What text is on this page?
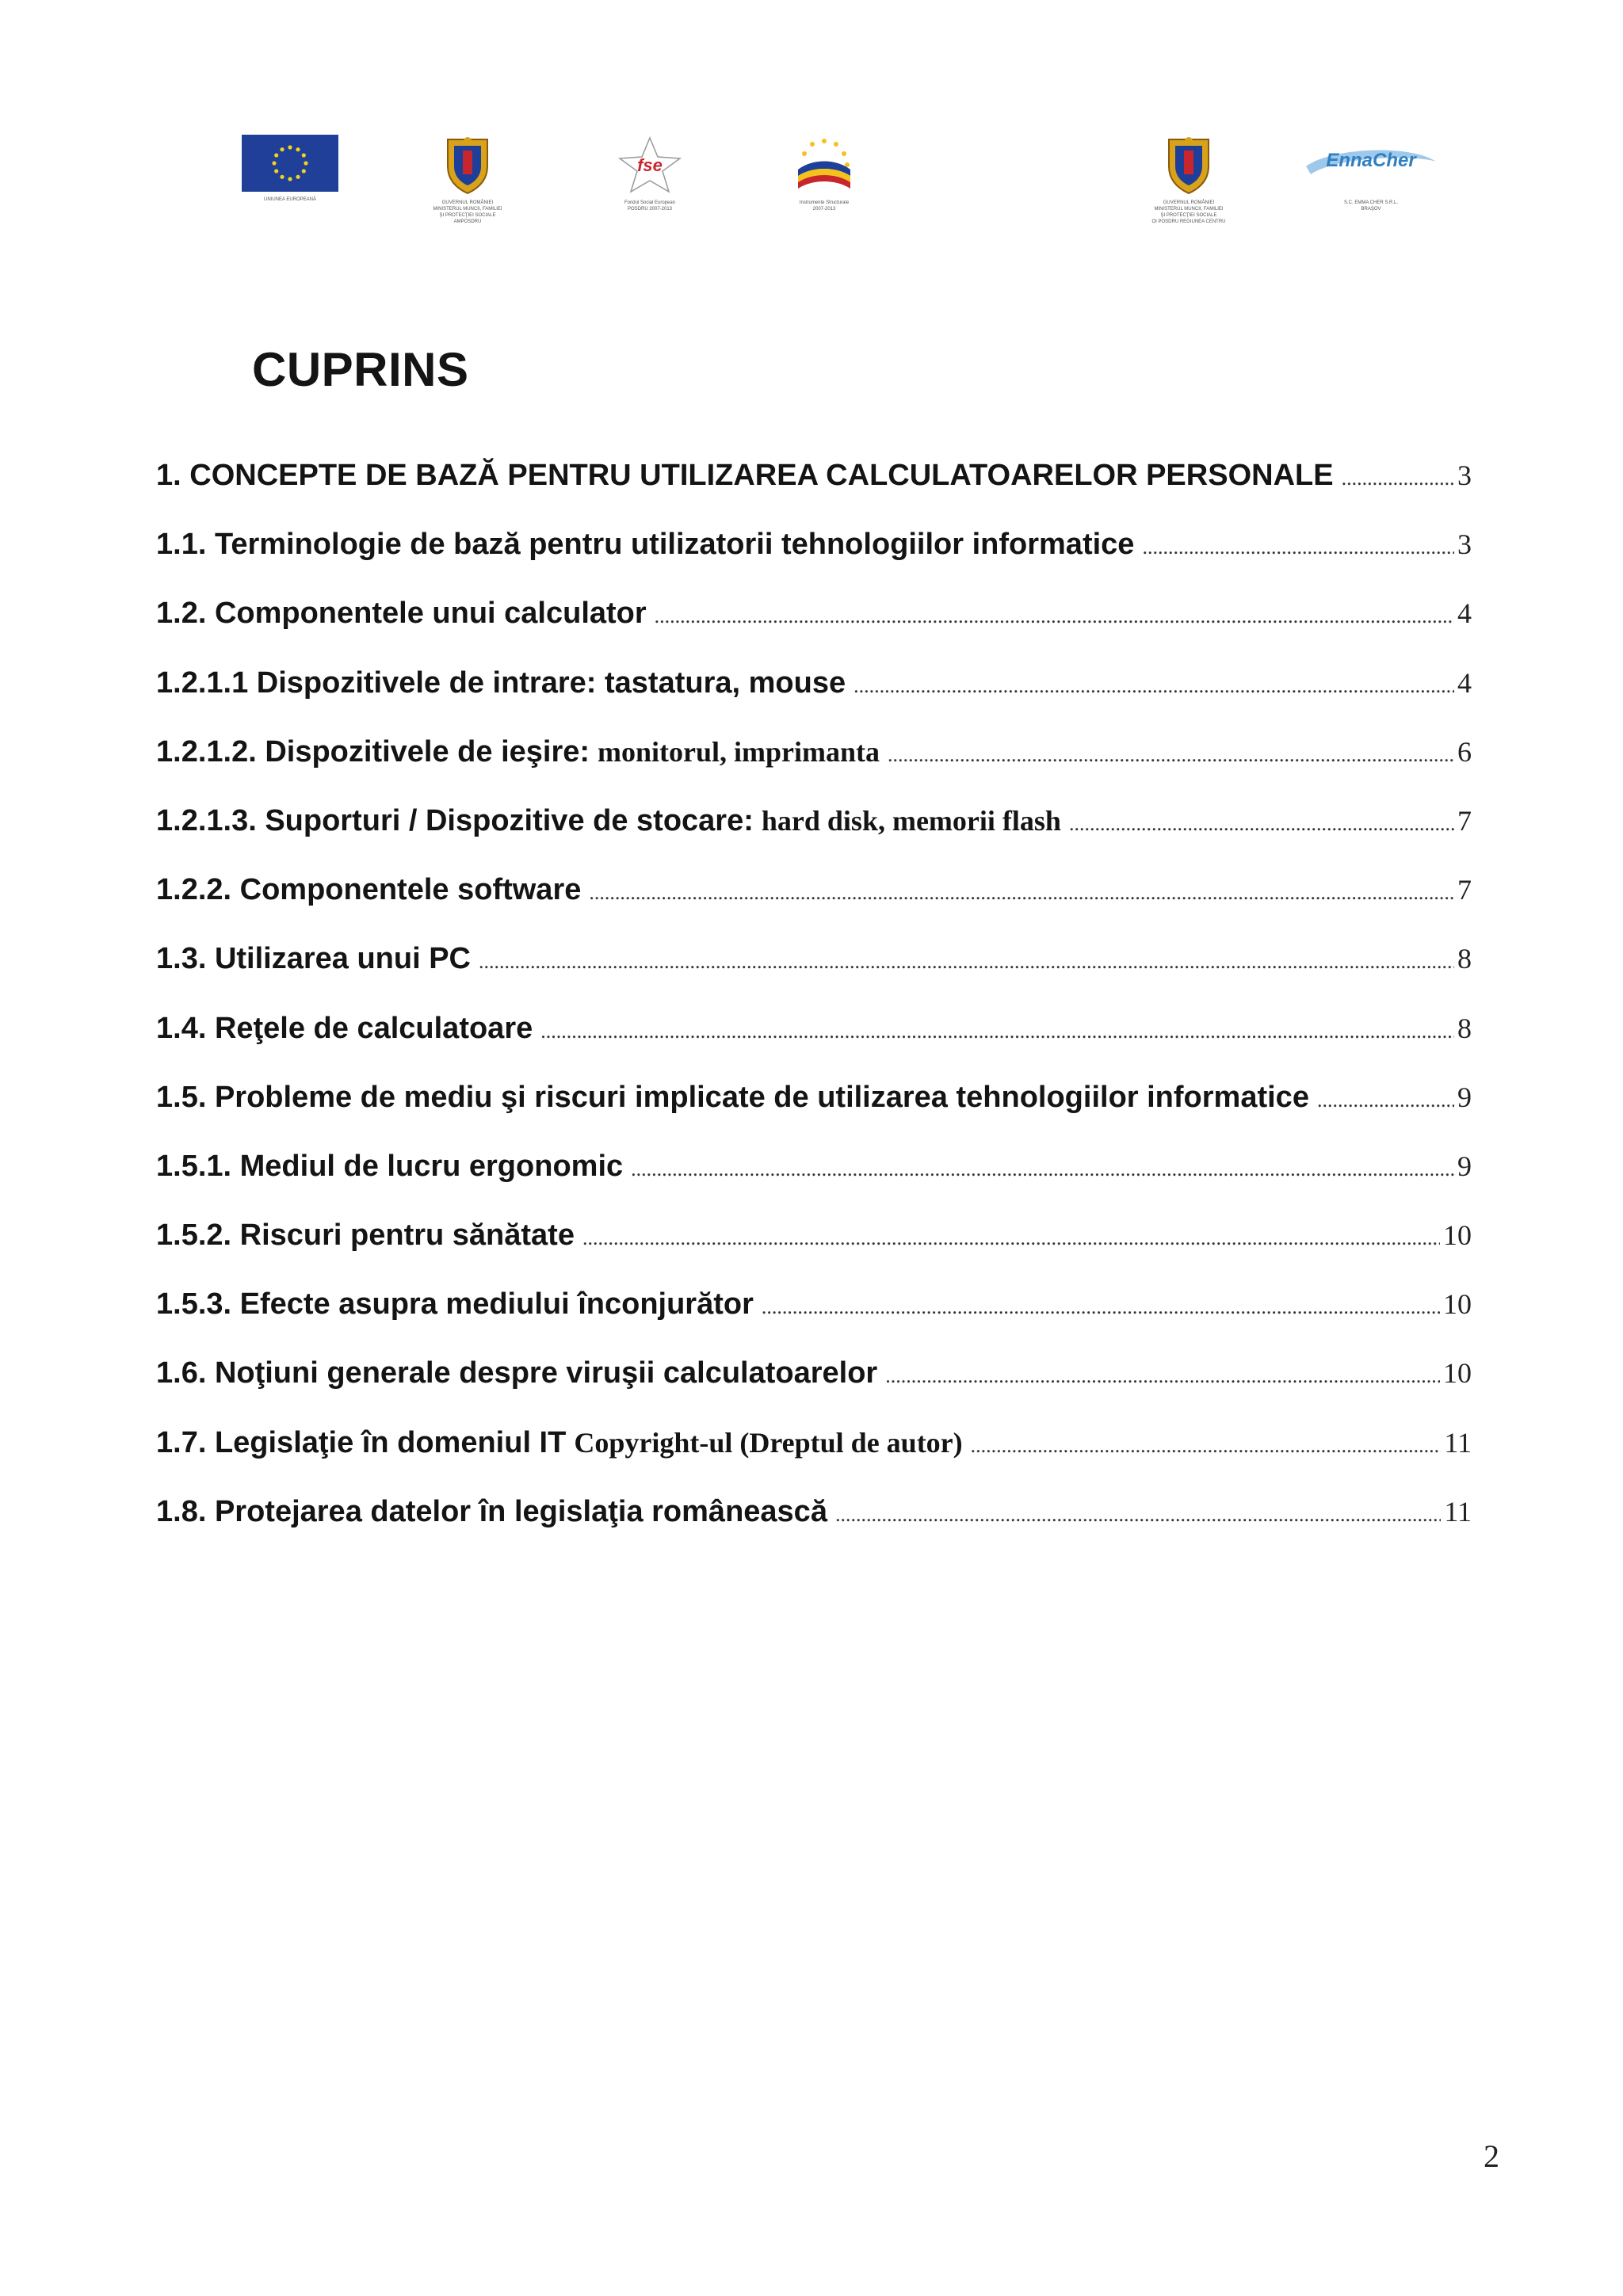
UNIUNEA EUROPEANĂ
GUVERNUL ROMÂNIEI
MINISTERUL MUNCII, FAMILIEI
ŞI PROTECŢIEI SOCIALE
AMPOSDRU
fse
Fondul Social European
POSDRU 2007-2013
Instrumente Structurale
2007-2013
GUVERNUL ROMÂNIEI
MINISTERUL MUNCII, FAMILIEI
ŞI PROTECŢIEI SOCIALE
OI POSDRU REGIUNEA CENTRU
EnnaCher
S.C. EMMA CHER S.R.L.
BRAŞOV
CUPRINS
1. CONCEPTE DE BAZĂ PENTRU UTILIZAREA CALCULATOARELOR PERSONALE .....	3
1.1. Terminologie de bază pentru utilizatorii tehnologiilor informatice .....	3
1.2. Componentele unui calculator .....	4
1.2.1.1 Dispozitivele de intrare: tastatura, mouse .....	4
1.2.1.2. Dispozitivele de ieşire: monitorul, imprimanta .....	6
1.2.1.3. Suporturi / Dispozitive de stocare: hard disk, memorii flash .....	7
1.2.2. Componentele software .....	7
1.3. Utilizarea unui PC .....	8
1.4. Reţele de calculatoare .....	8
1.5. Probleme de mediu şi riscuri implicate de utilizarea tehnologiilor informatice .....	9
1.5.1. Mediul de lucru ergonomic .....	9
1.5.2. Riscuri pentru sănătate .....	10
1.5.3. Efecte asupra mediului înconjurător .....	10
1.6. Noţiuni generale despre viruşii calculatoarelor .....	10
1.7. Legislaţie în domeniul IT Copyright-ul (Dreptul de autor) .....	11
1.8. Protejarea datelor în legislaţia românească .....	11
2
